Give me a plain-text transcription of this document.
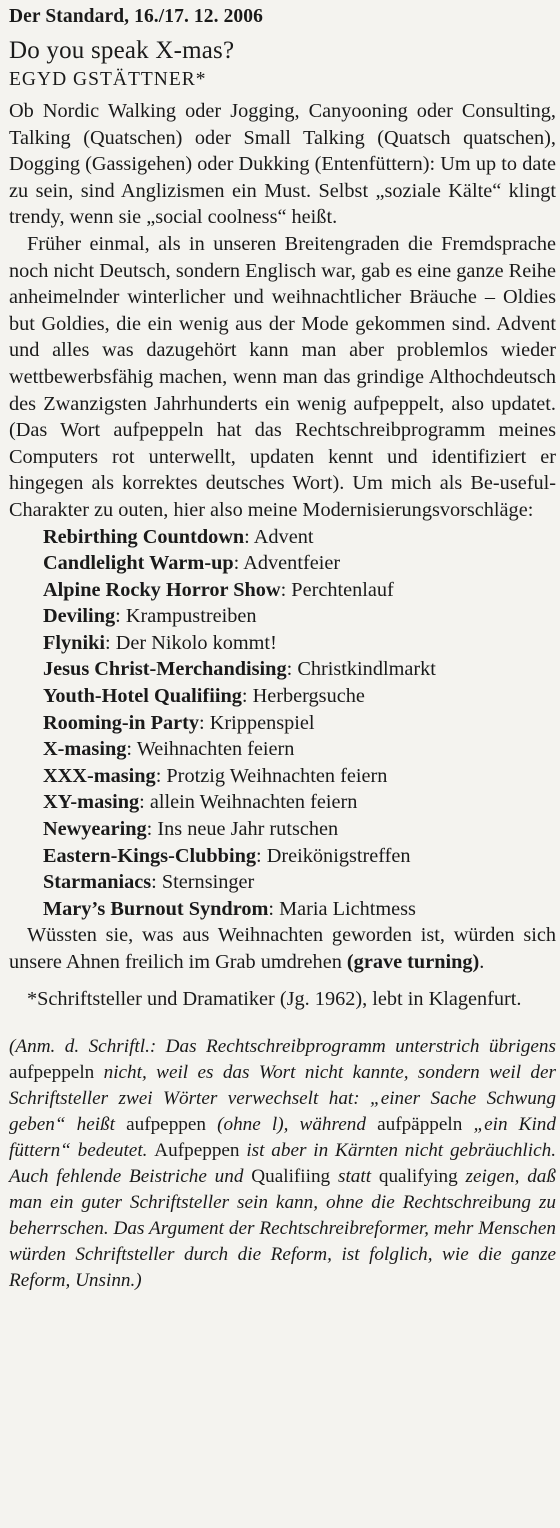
Der Standard, 16./17. 12. 2006
Do you speak X-mas?
EGYD GSTÄTTNER*

Ob Nordic Walking oder Jogging, Canyooning oder Consulting, Talking (Quatschen) oder Small Talking (Quatsch quatschen), Dogging (Gassigehen) oder Dukking (Entenfüttern): Um up to date zu sein, sind Anglizismen ein Must. Selbst „soziale Kälte“ klingt trendy, wenn sie „social coolness“ heißt.

Früher einmal, als in unseren Breitengraden die Fremdsprache noch nicht Deutsch, sondern Englisch war, gab es eine ganze Reihe anheimelnder winterlicher und weihnachtlicher Bräuche – Oldies but Goldies, die ein wenig aus der Mode gekommen sind. Advent und alles was dazugehört kann man aber problemlos wieder wettbewerbsfähig machen, wenn man das grindige Althochdeutsch des Zwanzigsten Jahrhunderts ein wenig aufpeppelt, also updatet. (Das Wort aufpeppeln hat das Rechtschreibprogramm meines Computers rot unterwellt, updaten kennt und identifiziert er hingegen als korrektes deutsches Wort). Um mich als Be-useful-Charakter zu outen, hier also meine Modernisierungsvorschläge:

Rebirthing Countdown: Advent
Candlelight Warm-up: Adventfeier
Alpine Rocky Horror Show: Perchtenlauf
Deviling: Krampustreiben
Flyniki: Der Nikolo kommt!
Jesus Christ-Merchandising: Christkindlmarkt
Youth-Hotel Qualifiing: Herbergsuche
Rooming-in Party: Krippenspiel
X-masing: Weihnachten feiern
XXX-masing: Protzig Weihnachten feiern
XY-masing: allein Weihnachten feiern
Newyearing: Ins neue Jahr rutschen
Eastern-Kings-Clubbing: Dreikönigstreffen
Starmaniacs: Sternsinger
Mary’s Burnout Syndrom: Maria Lichtmess

Wüssten sie, was aus Weihnachten geworden ist, würden sich unsere Ahnen freilich im Grab umdrehen (grave turning).

*Schriftsteller und Dramatiker (Jg. 1962), lebt in Klagenfurt.

(Anm. d. Schriftl.: Das Rechtschreibprogramm unterstrich übrigens aufpeppeln nicht, weil es das Wort nicht kannte, sondern weil der Schriftsteller zwei Wörter verwechselt hat: „einer Sache Schwung geben“ heißt aufpeppen (ohne l), während aufpäppeln „ein Kind füttern“ bedeutet. Aufpeppen ist aber in Kärnten nicht gebräuchlich. Auch fehlende Beistriche und Qualifiing statt qualifying zeigen, daß man ein guter Schriftsteller sein kann, ohne die Rechtschreibung zu beherrschen. Das Argument der Rechtschreibreformer, mehr Menschen würden Schriftsteller durch die Reform, ist folglich, wie die ganze Reform, Unsinn.)
